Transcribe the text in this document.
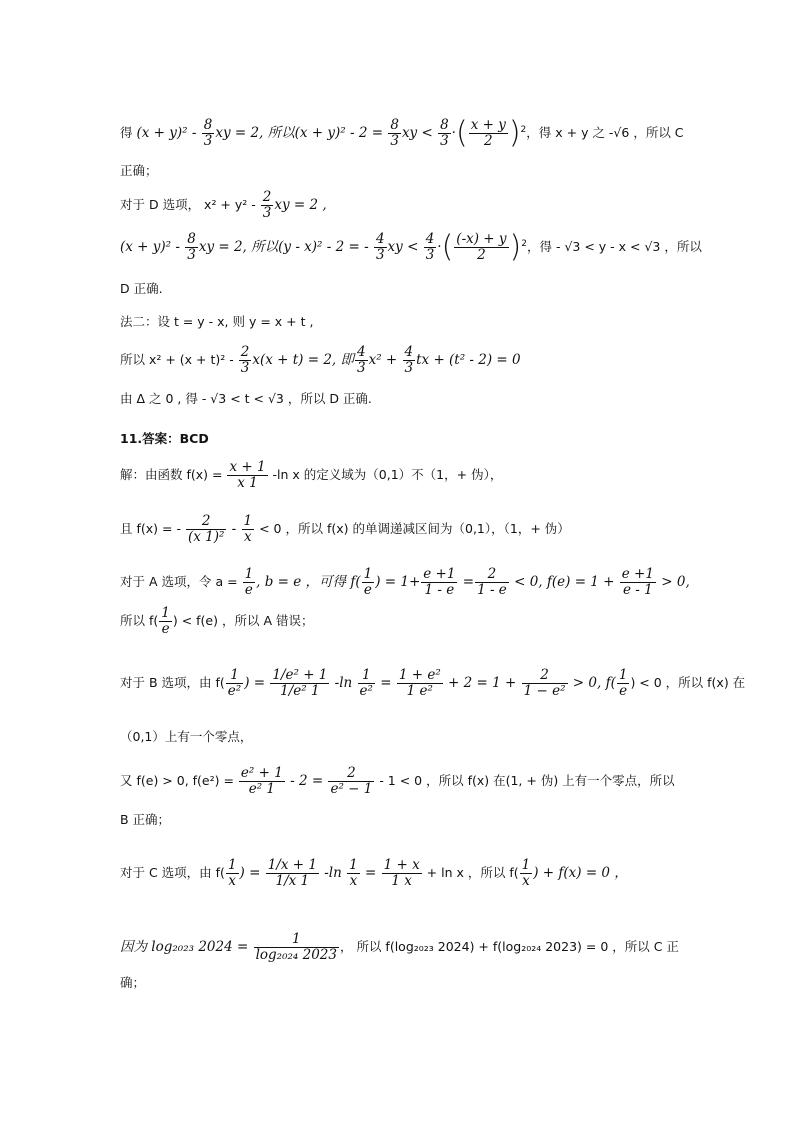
得 $(x + y)^2 - \frac{8}{3}$ xy = 2, 所以$(x + y)^2 - 2 = \frac{8}{3}$ xy < $\frac{8}{3}$ ·( $\frac{x + y}{2} )^2$，得 x + y 之 -√6 ，所以 C
正确；
对于 D 选项， $x^2 + y^2 - \frac{2}{3}$ xy = 2 ,
$(x + y)^2 - \frac{8}{3}$ xy = 2, 所以(y - x)² - 2 = - $\frac{4}{3}$ xy < $\frac{4}{3}$ ·( $\frac{(-x) + y}{2} )^2$，得 - √3 < y - x < √3 ，所以
D 正确.
法二：设 t = y - x, 则 y = x + t ,
所以 $x^2 + (x + t)^2 - \frac{2}{3} x(x + t) = 2$, 即 $\frac{4}{3} x^2 + \frac{4}{3}$ tx + (t² - 2) = 0
由 Δ 之 0 , 得 - √3 < t < √3 ，所以 D 正确.
11.答案：BCD
解：由函数 $f(x) = \frac{x + 1}{x 1} -\ln$ x 的定义域为（0,1）不（1，+ 伪），
且 f(x) = - $\frac{2}{\text{(x 1)²}} - \frac{1}{x} < 0$ ，所以 f(x) 的单调递减区间为（0,1），（1，+ 伪）
对于 A 选项，令 $a = \frac{1}{e}$ , b = e ，可得 $f( \frac{1}{e}$ ) = $1+ \frac{e +1}{1 - e} = \frac{2}{1 - e} < 0$, $f(e) = 1 + \frac{e +1}{e - 1} > 0$,
所以 $f( \frac{1}{e}$ ) < f(e) ，所以 A 错误；
对于 B 选项，由 $f( \frac{1}{\text{e²}}$ ) = $\frac{\text{1/e² + 1}}{\text{1/e² 1}} -\ln \frac{1}{\text{e²}} = \frac{\text{1 + e²}}{\text{1 e²}} + 2 = 1 + \frac{2}{\text{1 − e²}} > 0$, $f( \frac{1}{e}$ ) < 0 ，所以 f(x) 在
（0,1）上有一个零点，
又 f(e) > 0, $f(e^2) = \frac{\text{e² + 1}}{\text{e² 1}} - 2 = \frac{2}{\text{e² − 1}} - 1 < 0$ ，所以 f(x) 在(1, + 伪) 上有一个零点，所以
B 正确；
对于 C 选项，由 $f( \frac{1}{x}$ ) = $\frac{1/x + 1}{1/x 1} -\ln \frac{1}{x} = \frac{1 + x}{1 x} + \ln x$ ，所以 $f( \frac{1}{x}$ ) + f(x) = 0 ，
因为 log₂₀₂₃ $2024 = \frac{1}{\text{log₂₀₂₄ 2023}}$ ， 所以 f(log₂₀₂₃ 2024) + f(log₂₀₂₄ 2023) = 0 ，所以 C 正
确；
